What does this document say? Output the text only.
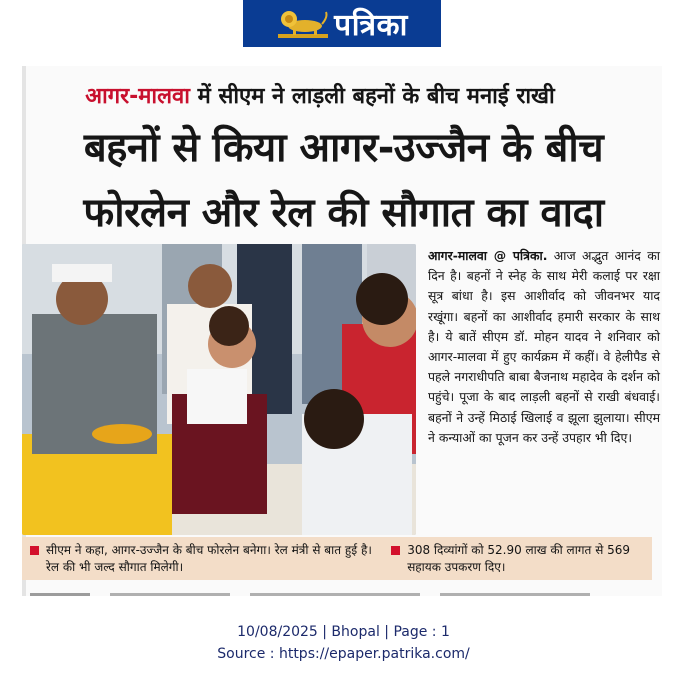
पत्रिका
आगर-मालवा में सीएम ने लाड़ली बहनों के बीच मनाई राखी
बहनों से किया आगर-उज्जैन के बीच
फोरलेन और रेल की सौगात का वादा
आगर-मालवा @ पत्रिका. आज अद्भुत आनंद का दिन है। बहनों ने स्नेह के साथ मेरी कलाई पर रक्षा सूत्र बांधा है। इस आशीर्वाद को जीवनभर याद रखूंगा। बहनों का आशीर्वाद हमारी सरकार के साथ है। ये बातें सीएम डॉ. मोहन यादव ने शनिवार को आगर-मालवा में हुए कार्यक्रम में कहीं। वे हेलीपैड से पहले नगराधीपति बाबा बैजनाथ महादेव के दर्शन को पहुंचे। पूजा के बाद लाड़ली बहनों से राखी बंधवाई। बहनों ने उन्हें मिठाई खिलाई व झूला झुलाया। सीएम ने कन्याओं का पूजन कर उन्हें उपहार भी दिए।
सीएम ने कहा, आगर-उज्जैन के बीच फोरलेन बनेगा। रेल मंत्री से बात हुई है। रेल की भी जल्द सौगात मिलेगी।
308 दिव्यांगों को 52.90 लाख की लागत से 569 सहायक उपकरण दिए।
10/08/2025 | Bhopal | Page : 1
Source : https://epaper.patrika.com/
